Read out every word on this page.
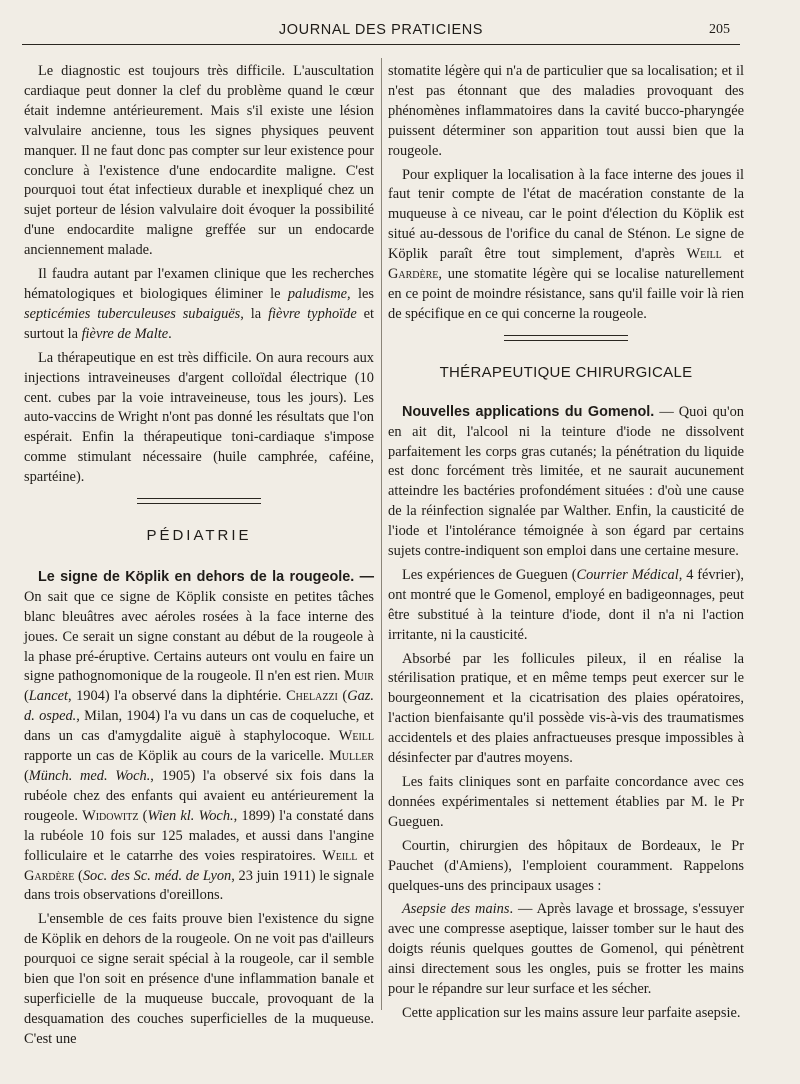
JOURNAL DES PRATICIENS	205

Le diagnostic est toujours très difficile. L'auscultation cardiaque peut donner la clef du problème quand le cœur était indemne antérieurement. Mais s'il existe une lésion valvulaire ancienne, tous les signes physiques peuvent manquer. Il ne faut donc pas compter sur leur existence pour conclure à l'existence d'une endocardite maligne. C'est pourquoi tout état infectieux durable et inexpliqué chez un sujet porteur de lésion valvulaire doit évoquer la possibilité d'une endocardite maligne greffée sur un endocarde anciennement malade.

Il faudra autant par l'examen clinique que les recherches hématologiques et biologiques éliminer le paludisme, les septicémies tuberculeuses subaiguës, la fièvre typhoïde et surtout la fièvre de Malte.

La thérapeutique en est très difficile. On aura recours aux injections intraveineuses d'argent colloïdal électrique (10 cent. cubes par la voie intraveineuse, tous les jours). Les auto-vaccins de Wright n'ont pas donné les résultats que l'on espérait. Enfin la thérapeutique toni-cardiaque s'impose comme stimulant nécessaire (huile camphrée, caféine, spartéine).

PÉDIATRIE

Le signe de Köplik en dehors de la rougeole. — On sait que ce signe de Köplik consiste en petites tâches blanc bleuâtres avec aéroles rosées à la face interne des joues. Ce serait un signe constant au début de la rougeole à la phase pré-éruptive. Certains auteurs ont voulu en faire un signe pathognomonique de la rougeole. Il n'en est rien. Muir (Lancet, 1904) l'a observé dans la diphtérie. Chelazzi (Gaz. d. osped., Milan, 1904) l'a vu dans un cas de coqueluche, et dans un cas d'amygdalite aiguë à staphylocoque. Weill rapporte un cas de Köplik au cours de la varicelle. Muller (Münch. med. Woch., 1905) l'a observé six fois dans la rubéole chez des enfants qui avaient eu antérieurement la rougeole. Widowitz (Wien kl. Woch., 1899) l'a constaté dans la rubéole 10 fois sur 125 malades, et aussi dans l'angine folliculaire et le catarrhe des voies respiratoires. Weill et Gardère (Soc. des Sc. méd. de Lyon, 23 juin 1911) le signale dans trois observations d'oreillons.

L'ensemble de ces faits prouve bien l'existence du signe de Köplik en dehors de la rougeole. On ne voit pas d'ailleurs pourquoi ce signe serait spécial à la rougeole, car il semble bien que l'on soit en présence d'une inflammation banale et superficielle de la muqueuse buccale, provoquant de la desquamation des couches superficielles de la muqueuse. C'est une

stomatite légère qui n'a de particulier que sa localisation; et il n'est pas étonnant que des maladies provoquant des phénomènes inflammatoires dans la cavité bucco-pharyngée puissent déterminer son apparition tout aussi bien que la rougeole.

Pour expliquer la localisation à la face interne des joues il faut tenir compte de l'état de macération constante de la muqueuse à ce niveau, car le point d'élection du Köplik est situé au-dessous de l'orifice du canal de Sténon. Le signe de Köplik paraît être tout simplement, d'après Weill et Gardère, une stomatite légère qui se localise naturellement en ce point de moindre résistance, sans qu'il faille voir là rien de spécifique en ce qui concerne la rougeole.

THÉRAPEUTIQUE CHIRURGICALE

Nouvelles applications du Gomenol. — Quoi qu'on en ait dit, l'alcool ni la teinture d'iode ne dissolvent parfaitement les corps gras cutanés; la pénétration du liquide est donc forcément très limitée, et ne saurait aucunement atteindre les bactéries profondément situées : d'où une cause de la réinfection signalée par Walther. Enfin, la causticité de l'iode et l'intolérance témoignée à son égard par certains sujets contre-indiquent son emploi dans une certaine mesure.

Les expériences de Gueguen (Courrier Médical, 4 février), ont montré que le Gomenol, employé en badigeonnages, peut être substitué à la teinture d'iode, dont il n'a ni l'action irritante, ni la causticité.

Absorbé par les follicules pileux, il en réalise la stérilisation pratique, et en même temps peut exercer sur le bourgeonnement et la cicatrisation des plaies opératoires, l'action bienfaisante qu'il possède vis-à-vis des traumatismes accidentels et des plaies anfractueuses presque impossibles à désinfecter par d'autres moyens.

Les faits cliniques sont en parfaite concordance avec ces données expérimentales si nettement établies par M. le Pr Gueguen.

Courtin, chirurgien des hôpitaux de Bordeaux, le Pr Pauchet (d'Amiens), l'emploient couramment. Rappelons quelques-uns des principaux usages :

Asepsie des mains. — Après lavage et brossage, s'essuyer avec une compresse aseptique, laisser tomber sur le haut des doigts réunis quelques gouttes de Gomenol, qui pénètrent ainsi directement sous les ongles, puis se frotter les mains pour le répandre sur leur surface et les sécher.

Cette application sur les mains assure leur parfaite asepsie.
